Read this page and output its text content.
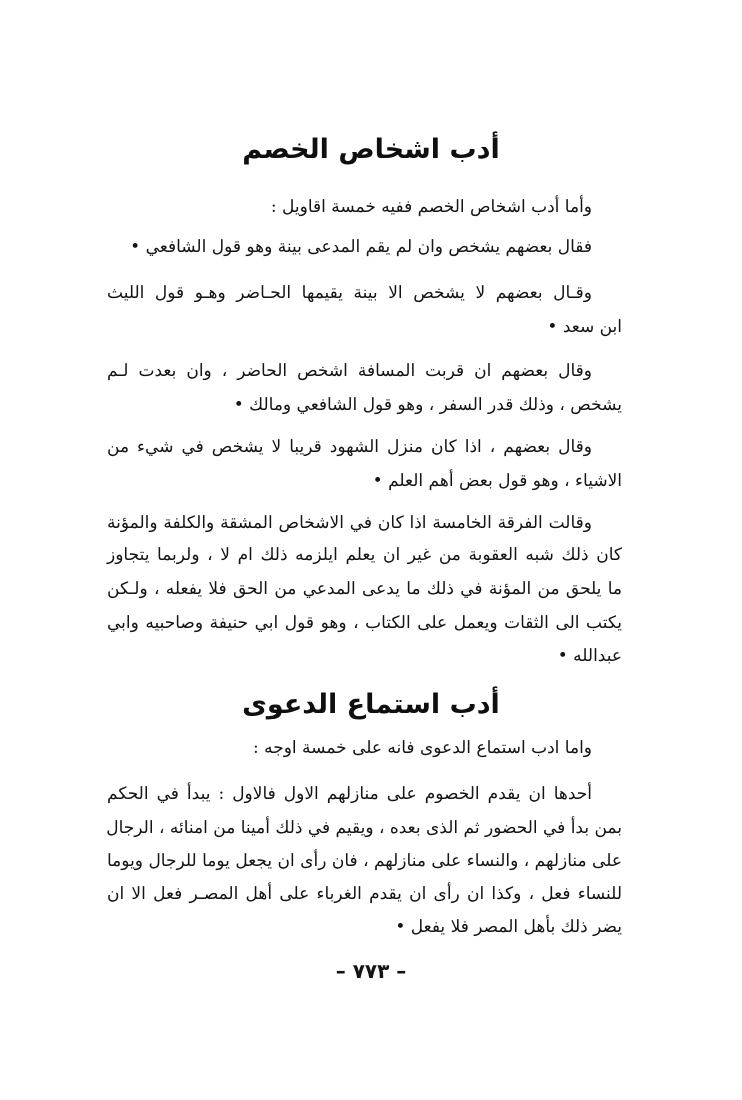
أدب اشخاص الخصم
وأما أدب اشخاص الخصم ففيه خمسة اقاويل :
فقال بعضهم يشخص وان لم يقم المدعى بينة وهو قول الشافعي •
وقـال بعضهم لا يشخص الا بينة يقيمها الحـاضر وهـو قول الليث
ابن سعد •
وقال بعضهم ان قربت المسافة اشخص الحاضر ، وان بعدت لـم
يشخص ، وذلك قدر السفر ، وهو قول الشافعي ومالك •
وقال بعضهم ، اذا كان منزل الشهود قريبا لا يشخص في شيء من
الاشياء ، وهو قول بعض أهم العلم •
وقالت الفرقة الخامسة اذا كان في الاشخاص المشقة والكلفة والمؤنة
كان ذلك شبه العقوبة من غير ان يعلم ايلزمه ذلك ام لا ، ولربما يتجاوز
ما يلحق من المؤنة في ذلك ما يدعى المدعي من الحق فلا يفعله ، ولـكن
يكتب الى الثقات ويعمل على الكتاب ، وهو قول ابي حنيفة وصاحبيه وابي
عبدالله •
أدب استماع الدعوى
واما ادب استماع الدعوى فانه على خمسة اوجه :
أحدها ان يقدم الخصوم على منازلهم الاول فالاول : يبدأ في الحكم
بمن بدأ في الحضور ثم الذى بعده ، ويقيم في ذلك أمينا من امنائه ، الرجال
على منازلهم ، والنساء على منازلهم ، فان رأى ان يجعل يوما للرجال ويوما
للنساء فعل ، وكذا ان رأى ان يقدم الغرباء على أهل المصـر فعل الا ان
يضر ذلك بأهل المصر فلا يفعل •
– ٧٧٣ –
